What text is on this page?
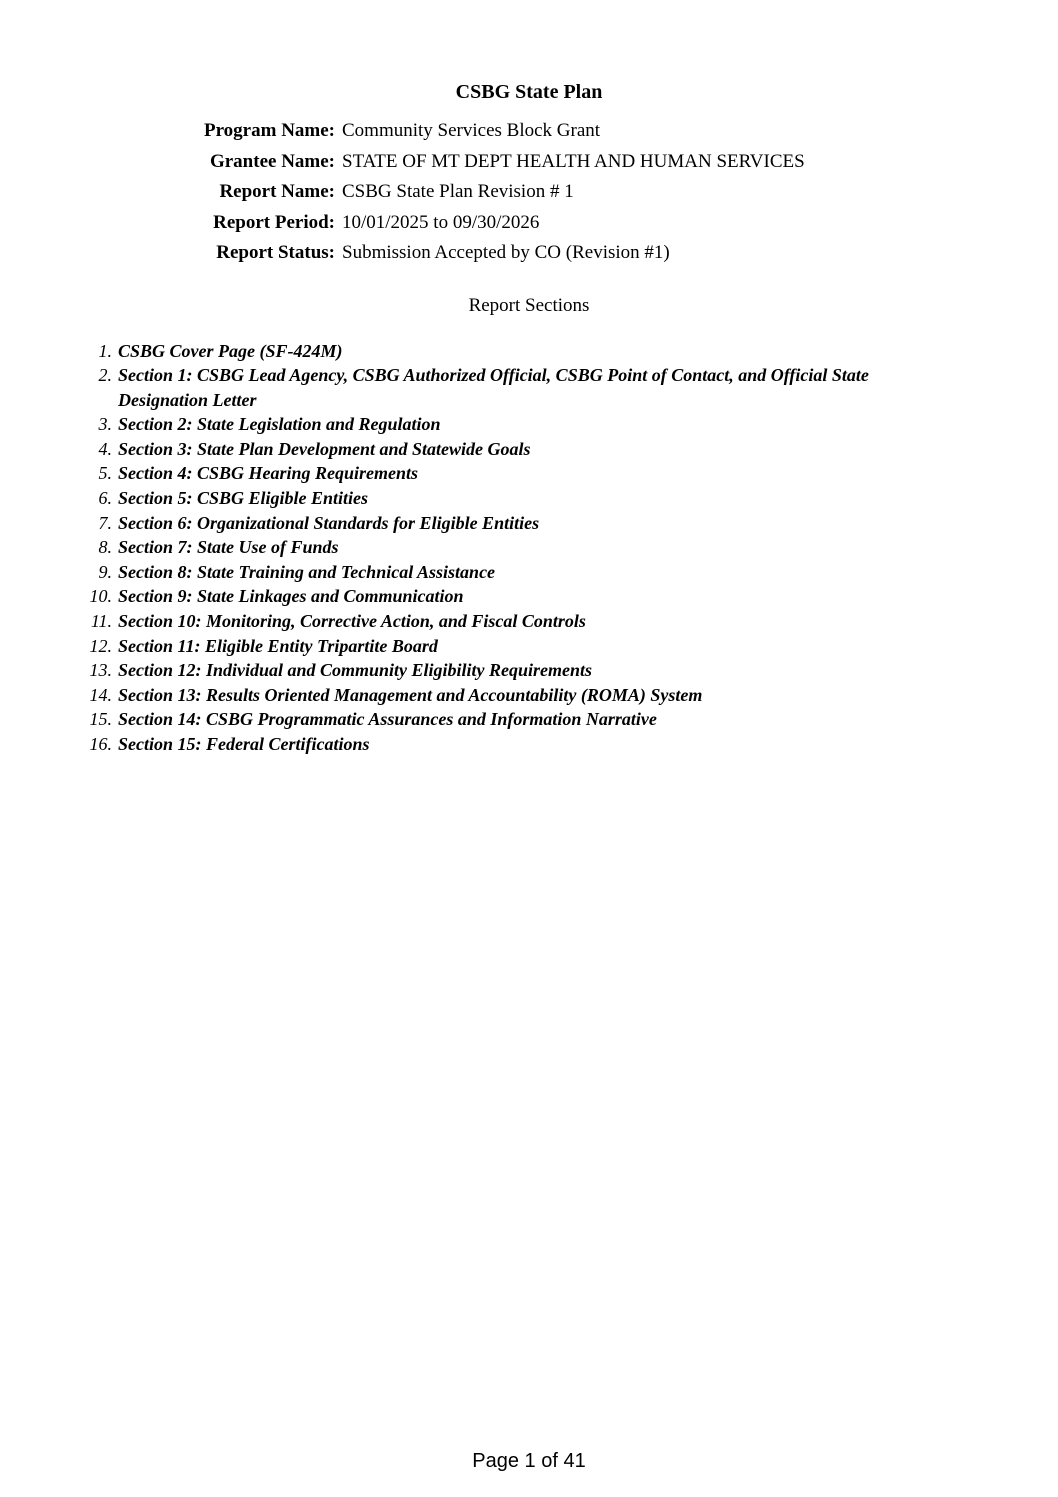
CSBG State Plan
Program Name: Community Services Block Grant
Grantee Name: STATE OF MT DEPT HEALTH AND HUMAN SERVICES
Report Name: CSBG State Plan Revision # 1
Report Period: 10/01/2025 to 09/30/2026
Report Status: Submission Accepted by CO (Revision #1)
Report Sections
CSBG Cover Page (SF-424M)
Section 1: CSBG Lead Agency, CSBG Authorized Official, CSBG Point of Contact, and Official State Designation Letter
Section 2: State Legislation and Regulation
Section 3: State Plan Development and Statewide Goals
Section 4: CSBG Hearing Requirements
Section 5: CSBG Eligible Entities
Section 6: Organizational Standards for Eligible Entities
Section 7: State Use of Funds
Section 8: State Training and Technical Assistance
Section 9: State Linkages and Communication
Section 10: Monitoring, Corrective Action, and Fiscal Controls
Section 11: Eligible Entity Tripartite Board
Section 12: Individual and Community Eligibility Requirements
Section 13: Results Oriented Management and Accountability (ROMA) System
Section 14: CSBG Programmatic Assurances and Information Narrative
Section 15: Federal Certifications
Page 1 of 41
